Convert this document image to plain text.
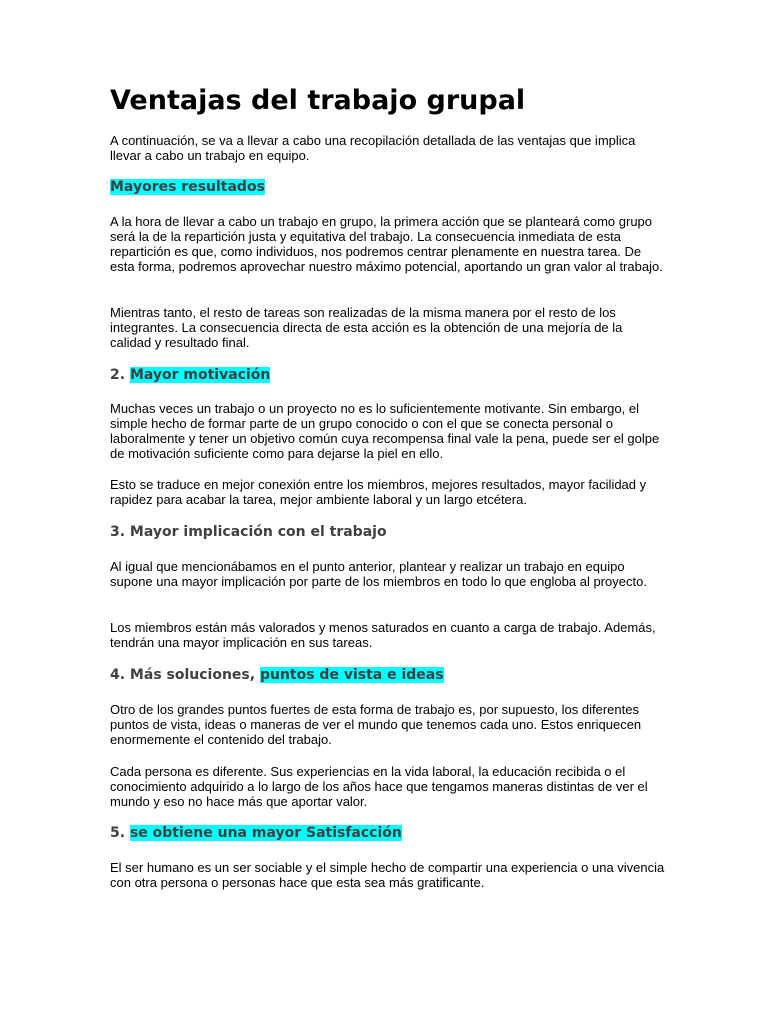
Ventajas del trabajo grupal

A continuación, se va a llevar a cabo una recopilación detallada de las ventajas que implica llevar a cabo un trabajo en equipo.

Mayores resultados

A la hora de llevar a cabo un trabajo en grupo, la primera acción que se planteará como grupo será la de la repartición justa y equitativa del trabajo. La consecuencia inmediata de esta repartición es que, como individuos, nos podremos centrar plenamente en nuestra tarea. De esta forma, podremos aprovechar nuestro máximo potencial, aportando un gran valor al trabajo.

Mientras tanto, el resto de tareas son realizadas de la misma manera por el resto de los integrantes. La consecuencia directa de esta acción es la obtención de una mejoría de la calidad y resultado final.

2. Mayor motivación

Muchas veces un trabajo o un proyecto no es lo suficientemente motivante. Sin embargo, el simple hecho de formar parte de un grupo conocido o con el que se conecta personal o laboralmente y tener un objetivo común cuya recompensa final vale la pena, puede ser el golpe de motivación suficiente como para dejarse la piel en ello.

Esto se traduce en mejor conexión entre los miembros, mejores resultados, mayor facilidad y rapidez para acabar la tarea, mejor ambiente laboral y un largo etcétera.

3. Mayor implicación con el trabajo

Al igual que mencionábamos en el punto anterior, plantear y realizar un trabajo en equipo supone una mayor implicación por parte de los miembros en todo lo que engloba al proyecto.

Los miembros están más valorados y menos saturados en cuanto a carga de trabajo. Además, tendrán una mayor implicación en sus tareas.

4. Más soluciones, puntos de vista e ideas

Otro de los grandes puntos fuertes de esta forma de trabajo es, por supuesto, los diferentes puntos de vista, ideas o maneras de ver el mundo que tenemos cada uno. Estos enriquecen enormemente el contenido del trabajo.

Cada persona es diferente. Sus experiencias en la vida laboral, la educación recibida o el conocimiento adquirido a lo largo de los años hace que tengamos maneras distintas de ver el mundo y eso no hace más que aportar valor.

5. se obtiene una mayor Satisfacción

El ser humano es un ser sociable y el simple hecho de compartir una experiencia o una vivencia con otra persona o personas hace que esta sea más gratificante.
